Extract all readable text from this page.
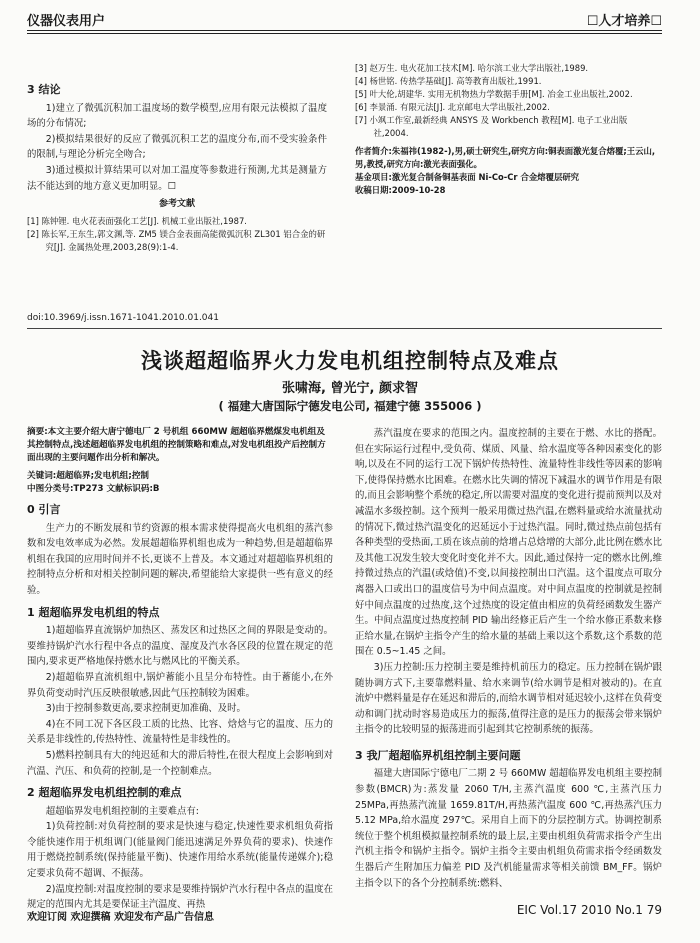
仪器仪表用户	☐人才培养☐
3 结论

1)建立了微弧沉积加工温度场的数学模型,应用有限元法模拟了温度场的分布情况;

2)模拟结果很好的反应了微弧沉积工艺的温度分布,而不受实验条件的限制,与理论分析完全吻合;

3)通过模拟计算结果可以对加工温度等参数进行预测,尤其是测量方法不能达到的地方意义更加明显。☐

参考文献
[1] 陈钟锂. 电火花表面强化工艺[J]. 机械工业出版社,1987.
[2] 陈长军,王东生,郭文渊,等. ZM5 镁合金表面高能微弧沉积 ZL301 铝合金的研究[J]. 金属热处理,2003,28(9):1-4.
[3] 赵万生. 电火花加工技术[M]. 哈尔滨工业大学出版社,1989.
[4] 杨世铭. 传热学基础[J]. 高等教育出版社,1991.
[5] 叶大伦,胡建华. 实用无机物热力学数据手册[M]. 冶金工业出版社,2002.
[6] 李景涌. 有限元法[J]. 北京邮电大学出版社,2002.
[7] 小飒工作室,最新经典 ANSYS 及 Workbench 教程[M]. 电子工业出版社,2004.
作者简介:朱福祎(1982-),男,硕士研究生,研究方向:铜表面激光复合熔覆;王云山,男,教授,研究方向:激光表面强化。
基金项目:激光复合制备铜基表面 Ni-Co-Cr 合金熔覆层研究
收稿日期:2009-10-28
doi:10.3969/j.issn.1671-1041.2010.01.041
浅谈超超临界火力发电机组控制特点及难点
张啸海, 曾光宁, 颜求智
( 福建大唐国际宁德发电公司, 福建宁德 355006 )
摘要:本文主要介绍大唐宁德电厂 2 号机组 660MW 超超临界燃煤发电机组及其控制特点,浅述超超临界发电机组的控制策略和难点,对发电机组投产后控制方面出现的主要问题作出分析和解决。
关键词:超超临界;发电机组;控制
中图分类号:TP273 文献标识码:B
0 引言

生产力的不断发展和节约资源的根本需求使得提高火电机组的蒸汽参数和发电效率成为必然。发展超超临界机组也成为一种趋势,但是超超临界机组在我国的应用时间并不长,更谈不上普及。本文通过对超超临界机组的控制特点分析和对相关控制问题的解决,希望能给大家提供一些有意义的经验。

1 超超临界发电机组的特点

1)超超临界直流锅炉加热区、蒸发区和过热区之间的界限是变动的。要维持锅炉汽水行程中各点的温度、湿度及汽水各区段的位置在规定的范围内,要求更严格地保持燃水比与燃风比的平衡关系。

2)超超临界直流机组中,锅炉蓄能小且呈分布特性。由于蓄能小,在外界负荷变动时汽压反映很敏感,因此气压控制较为困难。

3)由于控制参数更高,要求控制更加准确、及时。

4)在不同工况下各区段工质的比热、比容、焓焓与它的温度、压力的关系是非线性的,传热特性、流量特性是非线性的。

5)燃料控制具有大的纯迟延和大的滞后特性,在很大程度上会影响到对汽温、汽压、和负荷的控制,是一个控制难点。

2 超超临界发电机组控制的难点

超超临界发电机组控制的主要难点有:

1)负荷控制:对负荷控制的要求是快速与稳定,快速性要求机组负荷指令能快速作用于机组调门(能量阀门能迅速满足外界负荷的要求)、快速作用于燃烧控制系统(保持能量平衡)、快速作用给水系统(能量传递媒介);稳定要求负荷不超调、不振荡。

2)温度控制:对温度控制的要求是要维持锅炉汽水行程中各点的温度在规定的范围内尤其是要保证主汽温度、再热

蒸汽温度在要求的范围之内。温度控制的主要在于燃、水比的搭配。但在实际运行过程中,受负荷、煤质、风量、给水温度等各种因素变化的影响,以及在不同的运行工况下锅炉传热特性、流量特性非线性等因素的影响下,使得保持燃水比困难。在燃水比失调的情况下减温水的调节作用是有限的,而且会影响整个系统的稳定,所以需要对温度的变化进行提前预判以及对减温水多级控制。这个预判一般采用微过热汽温,在燃料量或给水流量扰动的情况下,微过热汽温变化的迟延远小于过热汽温。同时,微过热点前包括有各种类型的受热面,工质在该点前的焓增占总焓增的大部分,此比例在燃水比及其他工况发生较大变化时变化并不大。因此,通过保持一定的燃水比例,维持微过热点的汽温(或焓值)不变,以间接控制出口汽温。这个温度点可取分离器入口或出口的温度信号为中间点温度。对中间点温度的控制就是控制好中间点温度的过热度,这个过热度的设定值由相应的负荷经函数发生器产生。中间点温度过热度控制 PID 输出经修正后产生一个给水修正系数来修正给水量,在锅炉主指令产生的给水量的基础上乘以这个系数,这个系数的范围在 0.5~1.45 之间。

3)压力控制:压力控制主要是维持机前压力的稳定。压力控制在锅炉跟随协调方式下,主要靠燃料量、给水来调节(给水调节是相对被动的)。在直流炉中燃料量是存在延迟和滞后的,而给水调节相对延迟较小,这样在负荷变动和调门扰动时容易造成压力的振荡,值得注意的是压力的振荡会带来锅炉主指令的比较明显的振荡进而引起到其它控制系统的振荡。

3 我厂超超临界机组控制主要问题

福建大唐国际宁德电厂二期 2 号 660MW 超超临界发电机组主要控制参数(BMCR)为:蒸发量 2060 T/H,主蒸汽温度 600 ℃,主蒸汽压力 25MPa,再热蒸汽流量 1659.81T/H,再热蒸汽温度 600 ℃,再热蒸汽压力 5.12 MPa,给水温度 297℃。采用自上而下的分层控制方式。协调控制系统位于整个机组模拟量控制系统的最上层,主要由机组负荷需求指令产生出汽机主指令和锅炉主指令。锅炉主指令主要由机组负荷需求指令经函数发生器后产生附加压力偏差 PID 及汽机能量需求等相关前馈 BM_FF。锅炉主指令以下的各个分控制系统:燃料、

欢迎订阅 欢迎撰稿 欢迎发布产品广告信息
EIC Vol.17 2010 No.1 79
